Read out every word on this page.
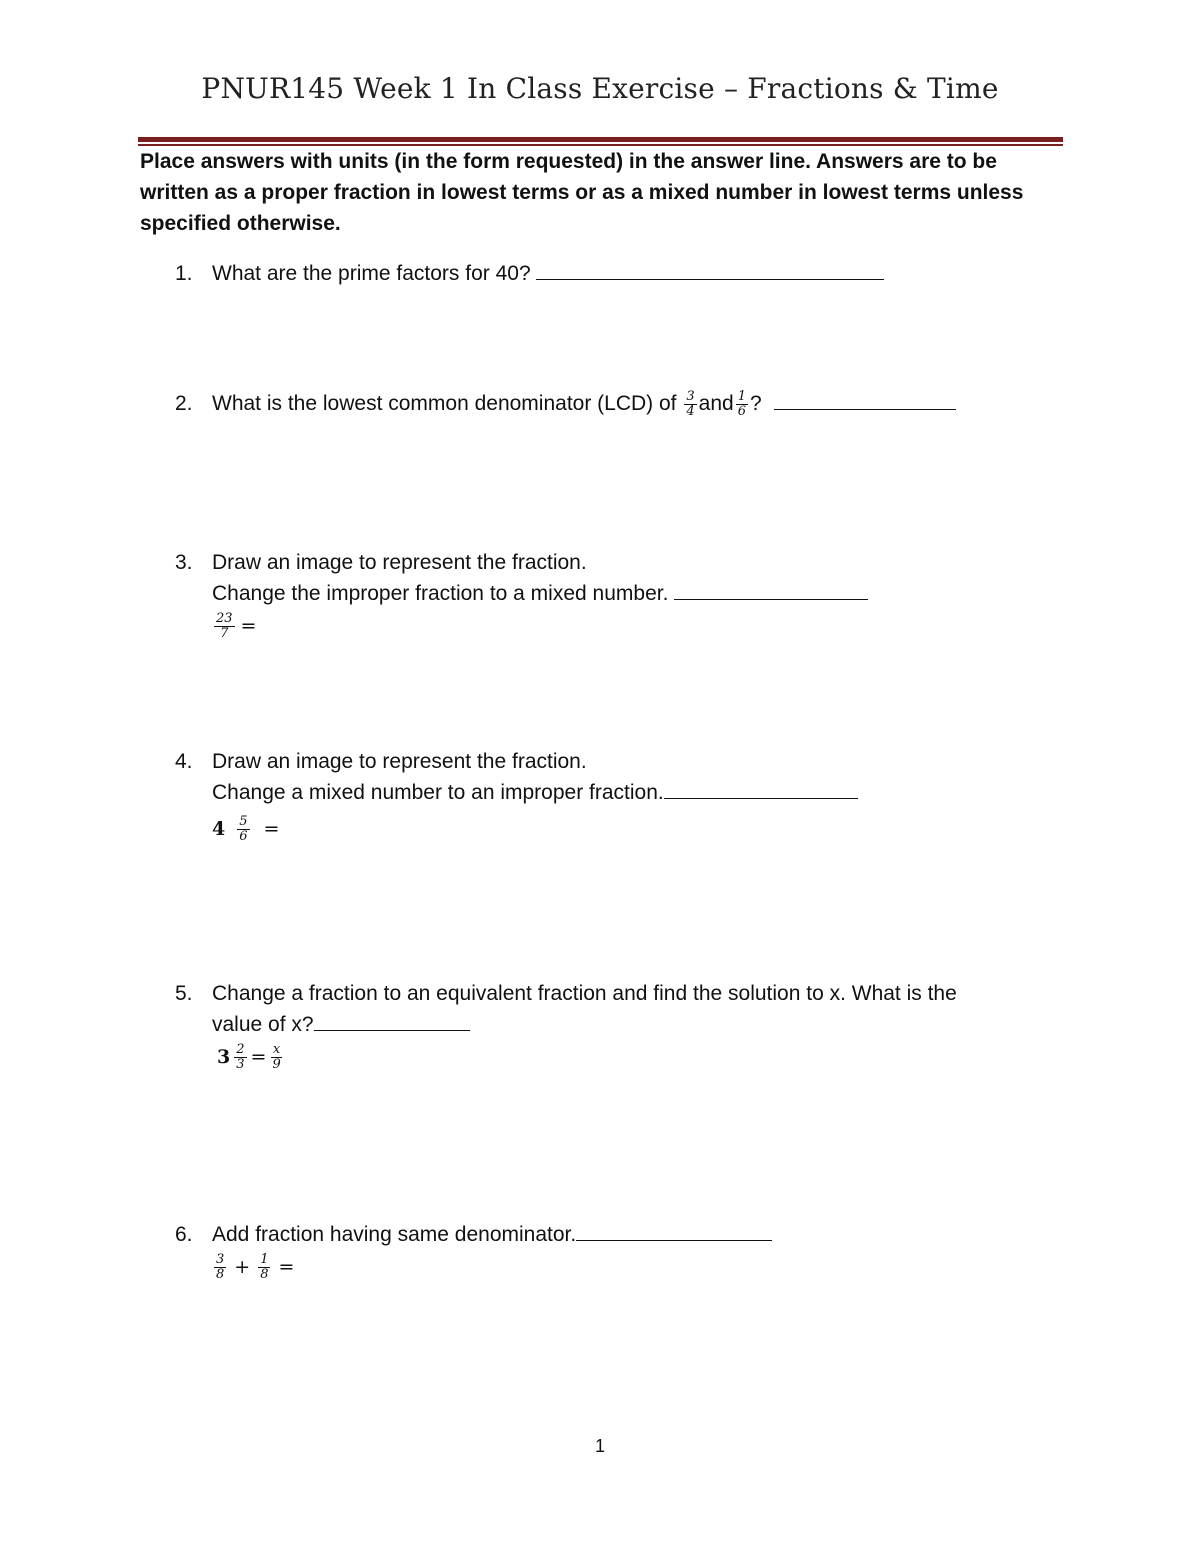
PNUR145 Week 1 In Class Exercise – Fractions & Time
Place answers with units (in the form requested) in the answer line. Answers are to be written as a proper fraction in lowest terms or as a mixed number in lowest terms unless specified otherwise.
1. What are the prime factors for 40?
2. What is the lowest common denominator (LCD) of $\frac{3}{4}$ and $\frac{1}{6}$ ?
3. Draw an image to represent the fraction.
Change the improper fraction to a mixed number.
$\frac{23}{7}$ =
4. Draw an image to represent the fraction.
Change a mixed number to an improper fraction.
$4 \frac{5}{6}$ =
5. Change a fraction to an equivalent fraction and find the solution to x. What is the
value of x?
$3 \frac{2}{3} = \frac{x}{9}$
6. Add fraction having same denominator.
$\frac{3}{8} + \frac{1}{8}$ =
1
